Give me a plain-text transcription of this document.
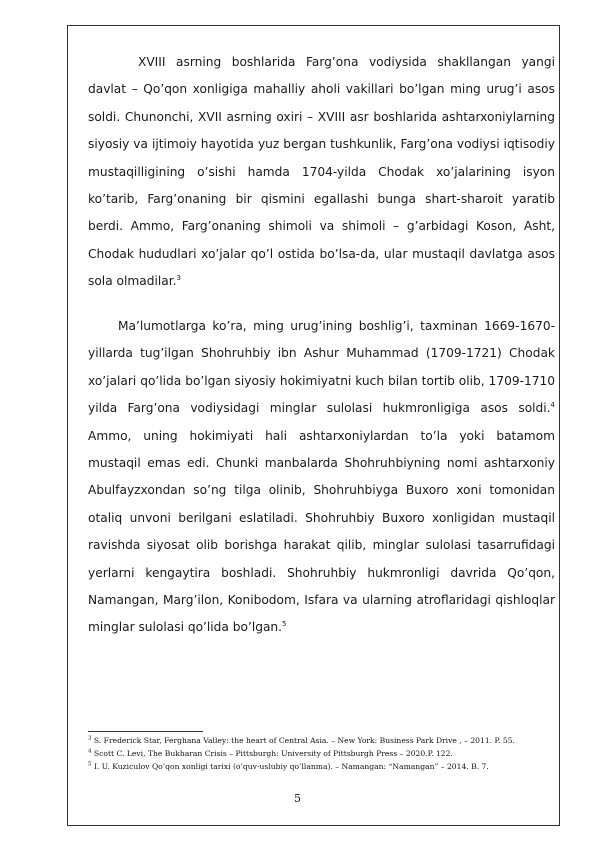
XVIII asrning boshlarida Farg’ona vodiysida shakllangan yangi davlat – Qo’qon xonligiga mahalliy aholi vakillari bo’lgan ming urug’i asos soldi. Chunonchi, XVII asrning oxiri – XVIII asr boshlarida ashtarxoniylarning siyosiy va ijtimoiy hayotida yuz bergan tushkunlik, Farg’ona vodiysi iqtisodiy mustaqilligining o’sishi hamda 1704-yilda Chodak xo’jalarining isyon ko’tarib, Farg’onaning bir qismini egallashi bunga shart-sharoit yaratib berdi. Ammo, Farg’onaning shimoli va shimoli – g’arbidagi Koson, Asht, Chodak hududlari xo’jalar qo’l ostida bo’lsa-da, ular mustaqil davlatga asos sola olmadilar.$^3$

Ma’lumotlarga ko’ra, ming urug’ining boshlig’i, taxminan 1669-1670-yillarda tug’ilgan Shohruhbiy ibn Ashur Muhammad (1709-1721) Chodak xo’jalari qo’lida bo’lgan siyosiy hokimiyatni kuch bilan tortib olib, 1709-1710 yilda Farg’ona vodiysidagi minglar sulolasi hukmronligiga asos soldi.$^4$ Ammo, uning hokimiyati hali ashtarxoniylardan to’la yoki batamom mustaqil emas edi. Chunki manbalarda Shohruhbiyning nomi ashtarxoniy Abulfayzxondan so’ng tilga olinib, Shohruhbiyga Buxoro xoni tomonidan otaliq unvoni berilgani eslatiladi. Shohruhbiy Buxoro xonligidan mustaqil ravishda siyosat olib borishga harakat qilib, minglar sulolasi tasarrufidagi yerlarni kengaytira boshladi. Shohruhbiy hukmronligi davrida Qo’qon, Namangan, Marg’ilon, Konibodom, Isfara va ularning atroflaridagi qishloqlar minglar sulolasi qo’lida bo’lgan.$^5$

$^3$ S. Frederick Star, Ferghana Valley: the heart of Central Asia. – New York: Business Park Drive , – 2011. P. 55.
$^4$ Scott C. Levi, The Bukharan Crisis – Pittsburgh: University of Pittsburgh Press – 2020.P. 122.
$^5$ I. U. Kuziculov Qo’qon xonligi tarixi (o’quv-uslubiy qo’llanma). – Namangan: “Namangan” – 2014. B. 7.
5
